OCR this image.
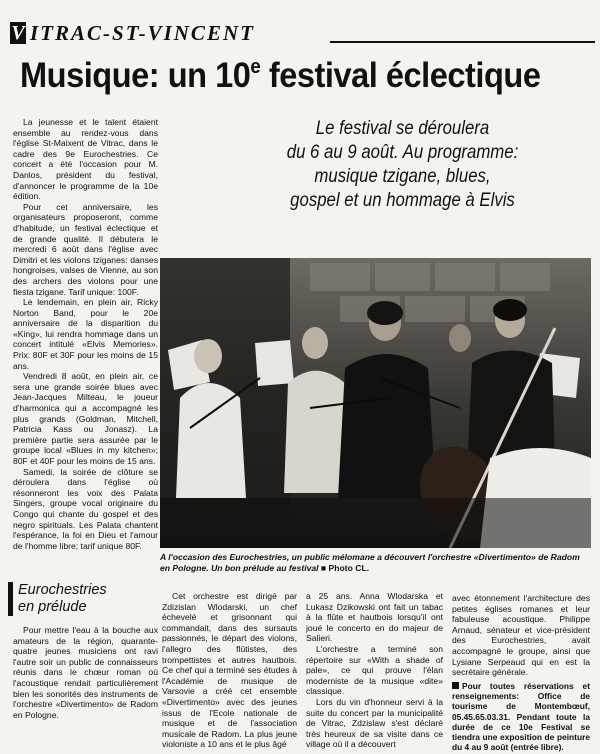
V ITRAC-ST-VINCENT
Musique: un 10e festival éclectique
Le festival se déroulera
du 6 au 9 août. Au programme:
musique tzigane, blues,
gospel et un hommage à Elvis

La jeunesse et le talent étaient ensemble au rendez-vous dans l'église St-Maixent de Vitrac, dans le cadre des 9e Eurochestries. Ce concert a été l'occasion pour M. Danlos, président du festival, d'annoncer le programme de la 10e édition.

Pour cet anniversaire, les organisateurs proposeront, comme d'habitude, un festival éclectique et de grande qualité. Il débutera le mercredi 6 août dans l'église avec Dimitri et les violons tziganes: danses hongroises, valses de Vienne, au son des archers des violons pour une fiesta tzigane. Tarif unique: 100F.

Le lendemain, en plein air, Ricky Norton Band, pour le 20e anniversaire de la disparition du «King», lui rendra hommage dans un concert intitulé «Elvis Memories». Prix: 80F et 30F pour les moins de 15 ans.

Vendredi 8 août, en plein air, ce sera une grande soirée blues avec Jean-Jacques Milteau, le joueur d'harmonica qui a accompagné les plus grands (Goldman, Mitchell, Patricia Kass ou Jonasz). La première partie sera assurée par le groupe local «Blues in my kitchen»; 80F et 40F pour les moins de 15 ans.

Samedi, la soirée de clôture se déroulera dans l'église où résonneront les voix des Palata Singers, groupe vocal originaire du Congo qui chante du gospel et des negro spirituals. Les Palata chantent l'espérance, la foi en Dieu et l'amour de l'homme libre; tarif unique 80F.

A l'occasion des Eurochestries, un public mélomane a découvert l'orchestre «Divertimento» de Radom en Pologne. Un bon prélude au festival ■ Photo CL.

Eurochestries
en prélude

Pour mettre l'eau à la bouche aux amateurs de la région, quarante-quatre jeunes musiciens ont ravi l'autre soir un public de connaisseurs réunis dans le chœur roman où l'acoustique rendait particulièrement bien les sonorités des instruments de l'orchestre «Divertimento» de Radom en Pologne.

Cet orchestre est dirigé par Zdizislan Wlodarski, un chef échevelé et grisonnant qui commandait, dans des sursauts passionnés, le départ des violons, l'allegro des flûtistes, des trompettistes et autres hautbois. Ce chef qui a terminé ses études à l'Académie de musique de Varsovie a créé cet ensemble «Divertimento» avec des jeunes issus de l'Ecole nationale de musique et de l'association musicale de Radom. La plus jeune violoniste a 10 ans et le plus âgé

a 25 ans. Anna Wlodarska et Lukasz Dzikowski ont fait un tabac à la flûte et hautbois lorsqu'il ont joué le concerto en do majeur de Salieri.

L'orchestre a terminé son répertoire sur «With a shade of pale», ce qui prouve l'élan moderniste de la musique «dite» classique.

Lors du vin d'honneur servi à la suite du concert par la municipalité de Vitrac, Zdzislaw s'est déclaré très heureux de sa visite dans ce village où il a découvert

avec étonnement l'architecture des petites églises romanes et leur fabuleuse acoustique. Philippe Arnaud, sénateur et vice-président des Eurochestries, avait accompagné le groupe, ainsi que Lysiane Serpeaud qui en est la secrétaire générale.

Pour toutes réservations et renseignements: Office de tourisme de Montembœuf, 05.45.65.03.31. Pendant toute la durée de ce 10e Festival se tiendra une exposition de peinture du 4 au 9 août (entrée libre).
